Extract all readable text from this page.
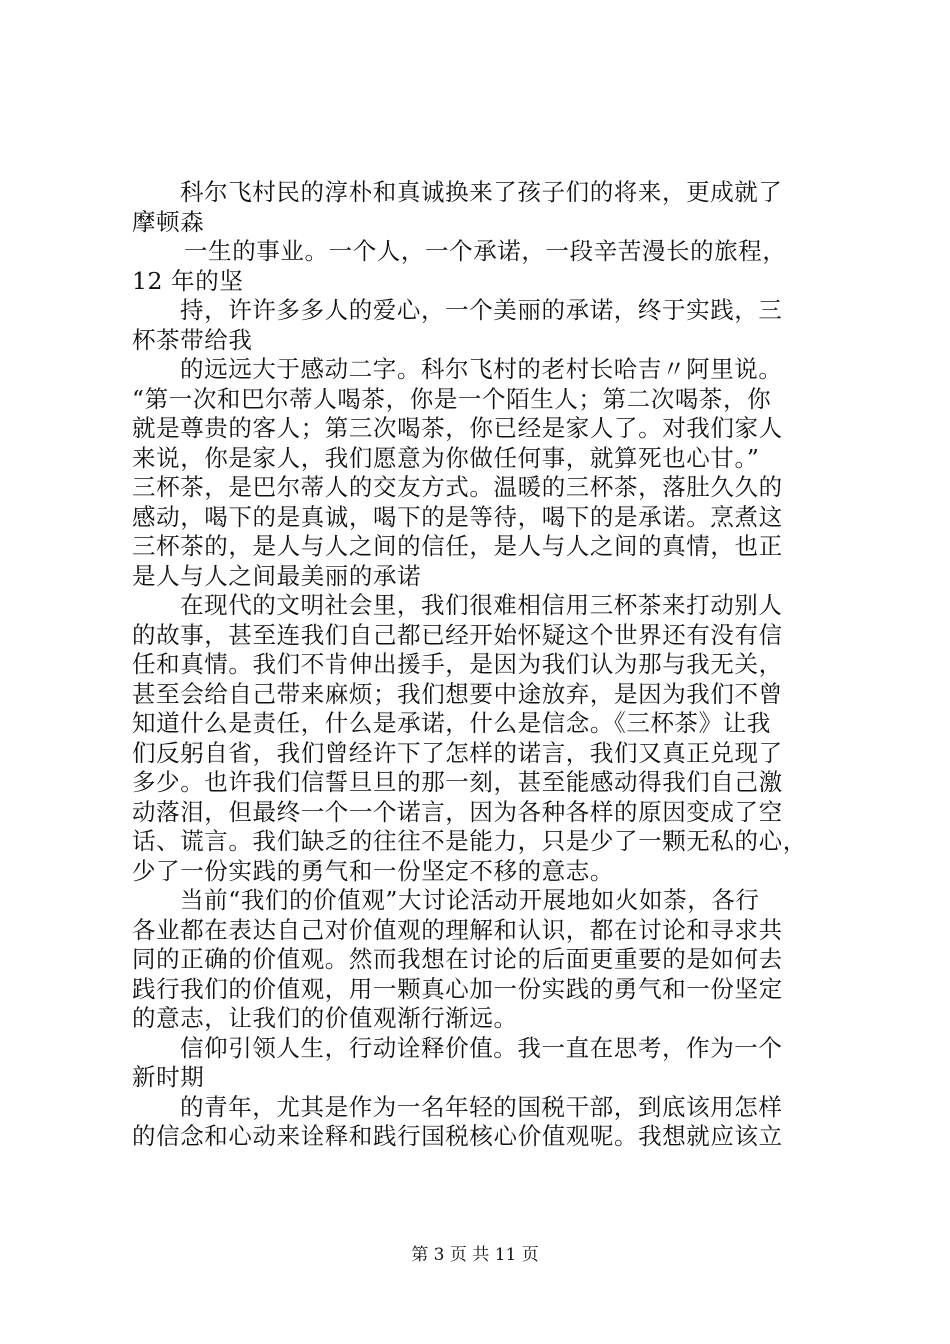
科尔飞村民的淳朴和真诚换来了孩子们的将来，更成就了
摩顿森
一生的事业。一个人，一个承诺，一段辛苦漫长的旅程，
12 年的坚
持，许许多多人的爱心，一个美丽的承诺，终于实践，三
杯茶带给我
的远远大于感动二字。科尔飞村的老村长哈吉〃阿里说。
“第一次和巴尔蒂人喝茶，你是一个陌生人；第二次喝茶，你
就是尊贵的客人；第三次喝茶，你已经是家人了。对我们家人
来说，你是家人，我们愿意为你做任何事，就算死也心甘。”
三杯茶，是巴尔蒂人的交友方式。温暖的三杯茶，落肚久久的
感动，喝下的是真诚，喝下的是等待，喝下的是承诺。烹煮这
三杯茶的，是人与人之间的信任，是人与人之间的真情，也正
是人与人之间最美丽的承诺
在现代的文明社会里，我们很难相信用三杯茶来打动别人
的故事，甚至连我们自己都已经开始怀疑这个世界还有没有信
任和真情。我们不肯伸出援手，是因为我们认为那与我无关，
甚至会给自己带来麻烦；我们想要中途放弃，是因为我们不曾
知道什么是责任，什么是承诺，什么是信念。《三杯茶》让我
们反躬自省，我们曾经许下了怎样的诺言，我们又真正兑现了
多少。也许我们信誓旦旦的那一刻，甚至能感动得我们自己激
动落泪，但最终一个一个诺言，因为各种各样的原因变成了空
话、谎言。我们缺乏的往往不是能力，只是少了一颗无私的心，
少了一份实践的勇气和一份坚定不移的意志。
当前“我们的价值观”大讨论活动开展地如火如荼，各行
各业都在表达自己对价值观的理解和认识，都在讨论和寻求共
同的正确的价值观。然而我想在讨论的后面更重要的是如何去
践行我们的价值观，用一颗真心加一份实践的勇气和一份坚定
的意志，让我们的价值观渐行渐远。
信仰引领人生，行动诠释价值。我一直在思考，作为一个
新时期
的青年，尤其是作为一名年轻的国税干部，到底该用怎样
的信念和心动来诠释和践行国税核心价值观呢。我想就应该立
第 3 页 共 11 页
